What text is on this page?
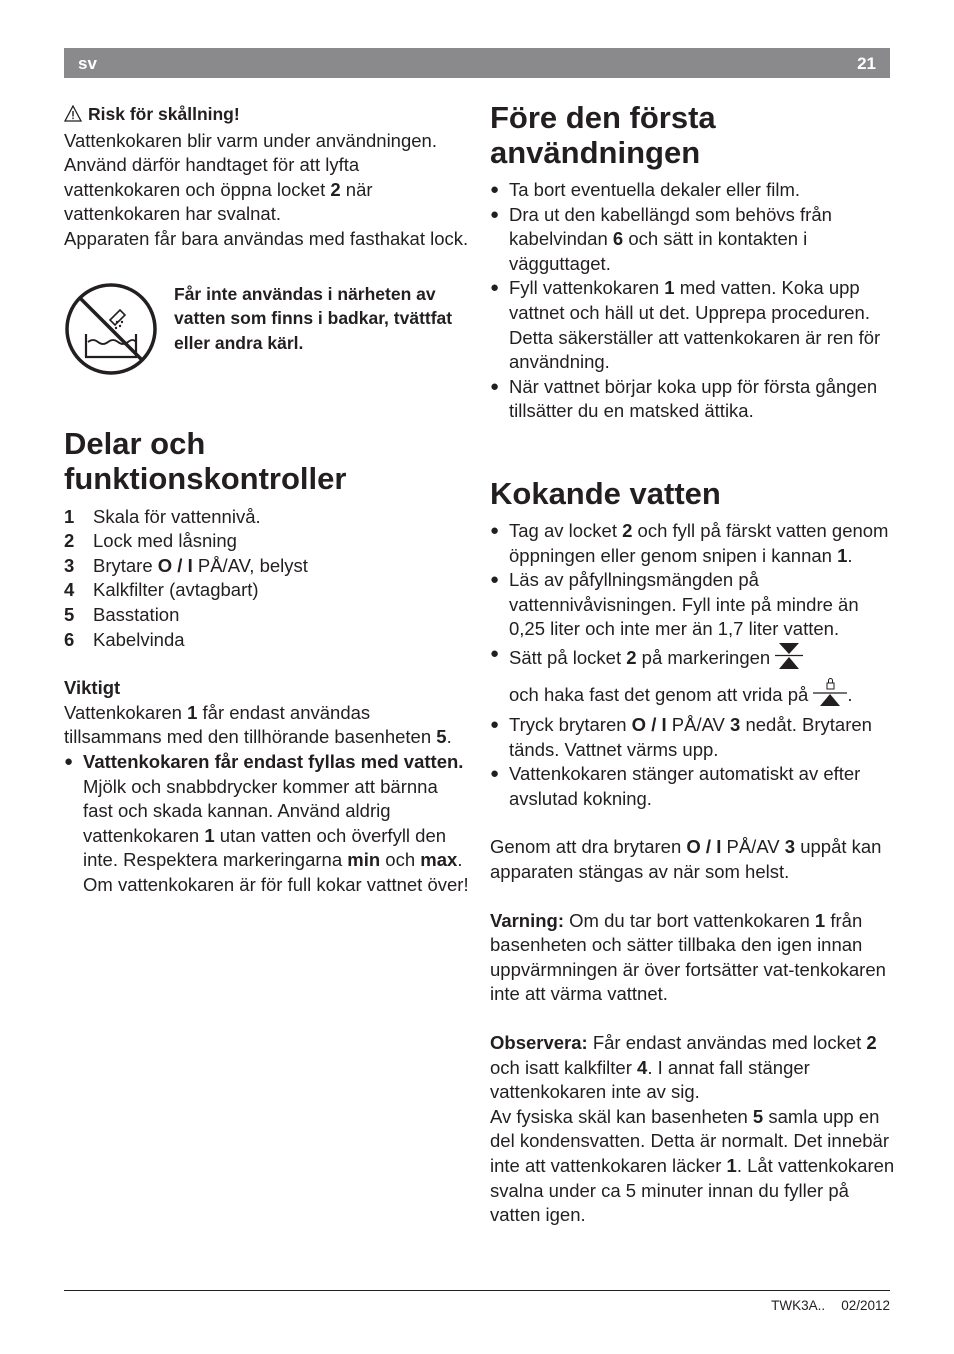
sv	21

Risk för skållning!

Vattenkokaren blir varm under användningen. Använd därför handtaget för att lyfta vattenkokaren och öppna locket 2 när vattenkokaren har svalnat.

Apparaten får bara användas med fasthakat lock.

Får inte användas i närheten av vatten som finns i badkar, tvättfat eller andra kärl.
Delar och funktionskontroller
1	Skala för vattennivå.
2	Lock med låsning
3	Brytare O / I PÅ/AV, belyst
4	Kalkfilter (avtagbart)
5	Basstation
6	Kabelvinda

Viktigt

Vattenkokaren 1 får endast användas tillsammans med den tillhörande basenheten 5.

● Vattenkokaren får endast fyllas med vatten. Mjölk och snabbdrycker kommer att bärnna fast och skada kannan. Använd aldrig vattenkokaren 1 utan vatten och överfyll den inte. Respektera markeringarna min och max. Om vattenkokaren är för full kokar vattnet över!
Före den första användningen
● Ta bort eventuella dekaler eller film.
● Dra ut den kabellängd som behövs från kabelvindan 6 och sätt in kontakten i vägguttaget.
● Fyll vattenkokaren 1 med vatten. Koka upp vattnet och häll ut det. Upprepa proceduren. Detta säkerställer att vattenkokaren är ren för användning.
● När vattnet börjar koka upp för första gången tillsätter du en matsked ättika.
Kokande vatten
● Tag av locket 2 och fyll på färskt vatten genom öppningen eller genom snipen i kannan 1.
● Läs av påfyllningsmängden på vattennivåvisningen. Fyll inte på mindre än 0,25 liter och inte mer än 1,7 liter vatten.
● Sätt på locket 2 på markeringen
och haka fast det genom att vrida på .
● Tryck brytaren O / I PÅ/AV 3 nedåt. Brytaren tänds. Vattnet värms upp.
● Vattenkokaren stänger automatiskt av efter avslutad kokning.

Genom att dra brytaren O / I PÅ/AV 3 uppåt kan apparaten stängas av när som helst.

Varning: Om du tar bort vattenkokaren 1 från basenheten och sätter tillbaka den igen innan uppvärmningen är över fortsätter vat-tenkokaren inte att värma vattnet.

Observera: Får endast användas med locket 2 och isatt kalkfilter 4. I annat fall stänger vattenkokaren inte av sig.

Av fysiska skäl kan basenheten 5 samla upp en del kondensvatten. Detta är normalt. Det innebär inte att vattenkokaren läcker 1. Låt vattenkokaren svalna under ca 5 minuter innan du fyller på vatten igen.

TWK3A.. 02/2012
